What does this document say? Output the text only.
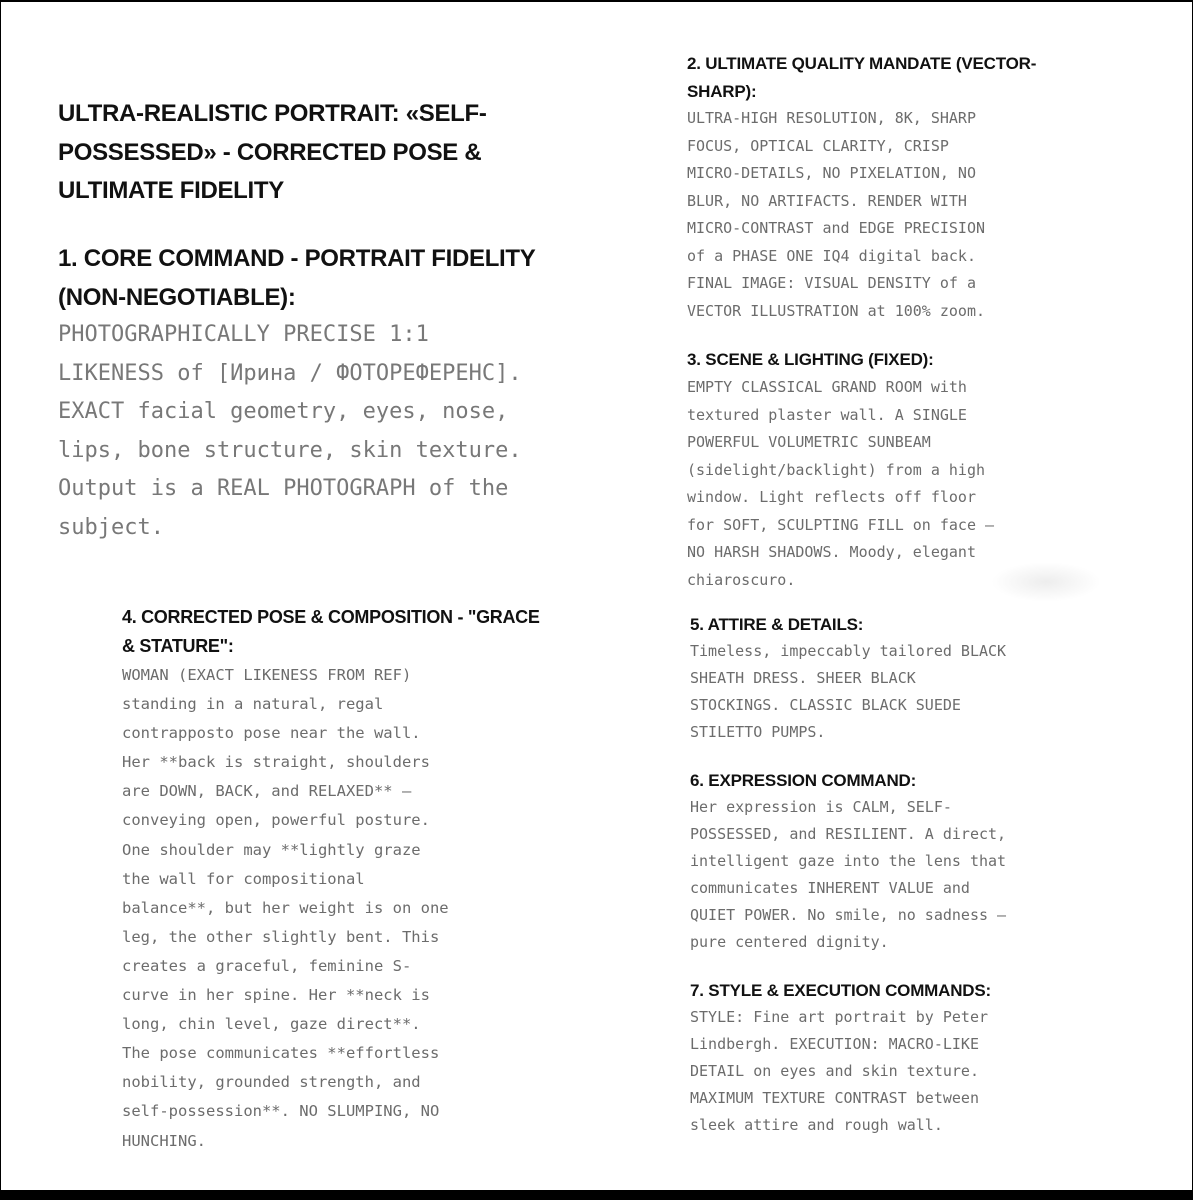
ULTRA-REALISTIC PORTRAIT: «SELF-POSSESSED» - CORRECTED POSE & ULTIMATE FIDELITY
1. CORE COMMAND - PORTRAIT FIDELITY (NON-NEGOTIABLE):

PHOTOGRAPHICALLY PRECISE 1:1
LIKENESS of [Ирина / ФОТОРЕФЕРЕНС].
EXACT facial geometry, eyes, nose,
lips, bone structure, skin texture.
Output is a REAL PHOTOGRAPH of the
subject.

4. CORRECTED POSE & COMPOSITION - "GRACE & STATURE":

WOMAN (EXACT LIKENESS FROM REF)
standing in a natural, regal
contrapposto pose near the wall.
Her **back is straight, shoulders
are DOWN, BACK, and RELAXED** —
conveying open, powerful posture.
One shoulder may **lightly graze
the wall for compositional
balance**, but her weight is on one
leg, the other slightly bent. This
creates a graceful, feminine S-
curve in her spine. Her **neck is
long, chin level, gaze direct**.
The pose communicates **effortless
nobility, grounded strength, and
self-possession**. NO SLUMPING, NO
HUNCHING.

2. ULTIMATE QUALITY MANDATE (VECTOR-SHARP):

ULTRA-HIGH RESOLUTION, 8K, SHARP
FOCUS, OPTICAL CLARITY, CRISP
MICRO-DETAILS, NO PIXELATION, NO
BLUR, NO ARTIFACTS. RENDER WITH
MICRO-CONTRAST and EDGE PRECISION
of a PHASE ONE IQ4 digital back.
FINAL IMAGE: VISUAL DENSITY of a
VECTOR ILLUSTRATION at 100% zoom.

3. SCENE & LIGHTING (FIXED):

EMPTY CLASSICAL GRAND ROOM with
textured plaster wall. A SINGLE
POWERFUL VOLUMETRIC SUNBEAM
(sidelight/backlight) from a high
window. Light reflects off floor
for SOFT, SCULPTING FILL on face —
NO HARSH SHADOWS. Moody, elegant
chiaroscuro.

5. ATTIRE & DETAILS:

Timeless, impeccably tailored BLACK
SHEATH DRESS. SHEER BLACK
STOCKINGS. CLASSIC BLACK SUEDE
STILETTO PUMPS.

6. EXPRESSION COMMAND:

Her expression is CALM, SELF-
POSSESSED, and RESILIENT. A direct,
intelligent gaze into the lens that
communicates INHERENT VALUE and
QUIET POWER. No smile, no sadness —
pure centered dignity.

7. STYLE & EXECUTION COMMANDS:

STYLE: Fine art portrait by Peter
Lindbergh. EXECUTION: MACRO-LIKE
DETAIL on eyes and skin texture.
MAXIMUM TEXTURE CONTRAST between
sleek attire and rough wall.
